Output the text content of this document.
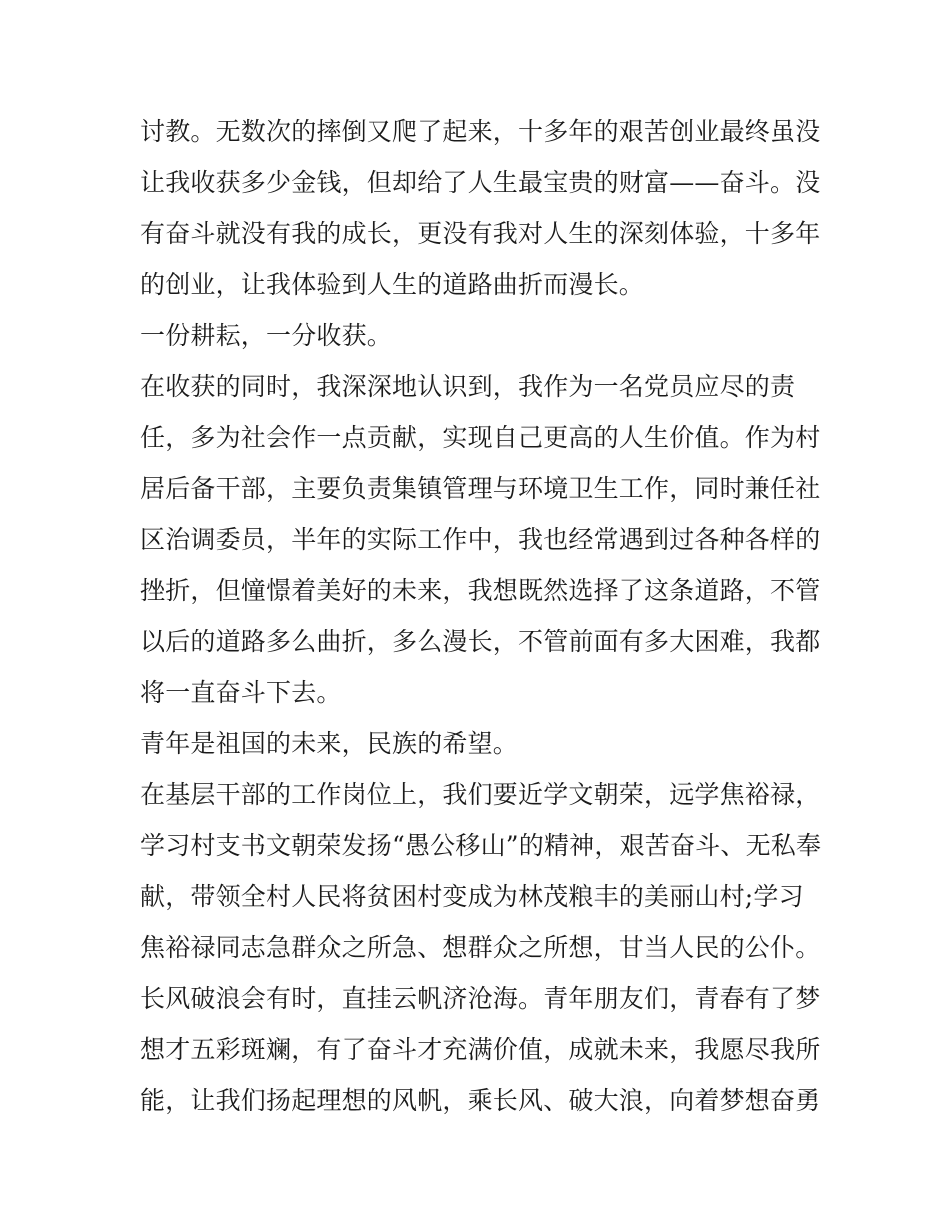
讨教。无数次的摔倒又爬了起来，十多年的艰苦创业最终虽没
让我收获多少金钱，但却给了人生最宝贵的财富——奋斗。没
有奋斗就没有我的成长，更没有我对人生的深刻体验，十多年
的创业，让我体验到人生的道路曲折而漫长。
一份耕耘，一分收获。
在收获的同时，我深深地认识到，我作为一名党员应尽的责
任，多为社会作一点贡献，实现自己更高的人生价值。作为村
居后备干部，主要负责集镇管理与环境卫生工作，同时兼任社
区治调委员，半年的实际工作中，我也经常遇到过各种各样的
挫折，但憧憬着美好的未来，我想既然选择了这条道路，不管
以后的道路多么曲折，多么漫长，不管前面有多大困难，我都
将一直奋斗下去。
青年是祖国的未来，民族的希望。
在基层干部的工作岗位上，我们要近学文朝荣，远学焦裕禄，
学习村支书文朝荣发扬“愚公移山”的精神，艰苦奋斗、无私奉
献，带领全村人民将贫困村变成为林茂粮丰的美丽山村;学习
焦裕禄同志急群众之所急、想群众之所想，甘当人民的公仆。
长风破浪会有时，直挂云帆济沧海。青年朋友们，青春有了梦
想才五彩斑斓，有了奋斗才充满价值，成就未来，我愿尽我所
能，让我们扬起理想的风帆，乘长风、破大浪，向着梦想奋勇
